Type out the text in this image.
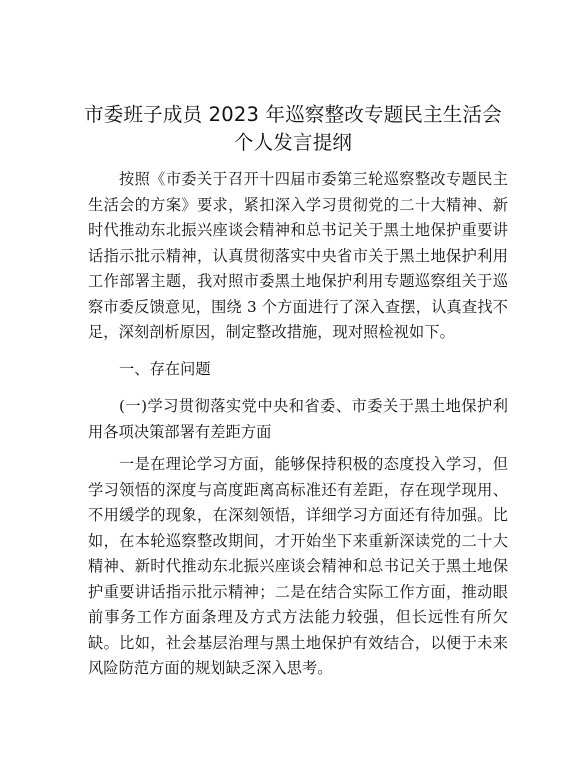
市委班子成员 2023 年巡察整改专题民主生活会
个人发言提纲

按照《市委关于召开十四届市委第三轮巡察整改专题民主生活会的方案》要求，紧扣深入学习贯彻党的二十大精神、新时代推动东北振兴座谈会精神和总书记关于黑土地保护重要讲话指示批示精神，认真贯彻落实中央省市关于黑土地保护利用工作部署主题，我对照市委黑土地保护利用专题巡察组关于巡察市委反馈意见，围绕 3 个方面进行了深入查摆，认真查找不足，深刻剖析原因，制定整改措施，现对照检视如下。

一、存在问题

(一)学习贯彻落实党中央和省委、市委关于黑土地保护利用各项决策部署有差距方面

一是在理论学习方面，能够保持积极的态度投入学习，但学习领悟的深度与高度距离高标准还有差距，存在现学现用、不用缓学的现象，在深刻领悟，详细学习方面还有待加强。比如，在本轮巡察整改期间，才开始坐下来重新深读党的二十大精神、新时代推动东北振兴座谈会精神和总书记关于黑土地保护重要讲话指示批示精神；二是在结合实际工作方面，推动眼前事务工作方面条理及方式方法能力较强，但长远性有所欠缺。比如，社会基层治理与黑土地保护有效结合，以便于未来风险防范方面的规划缺乏深入思考。
